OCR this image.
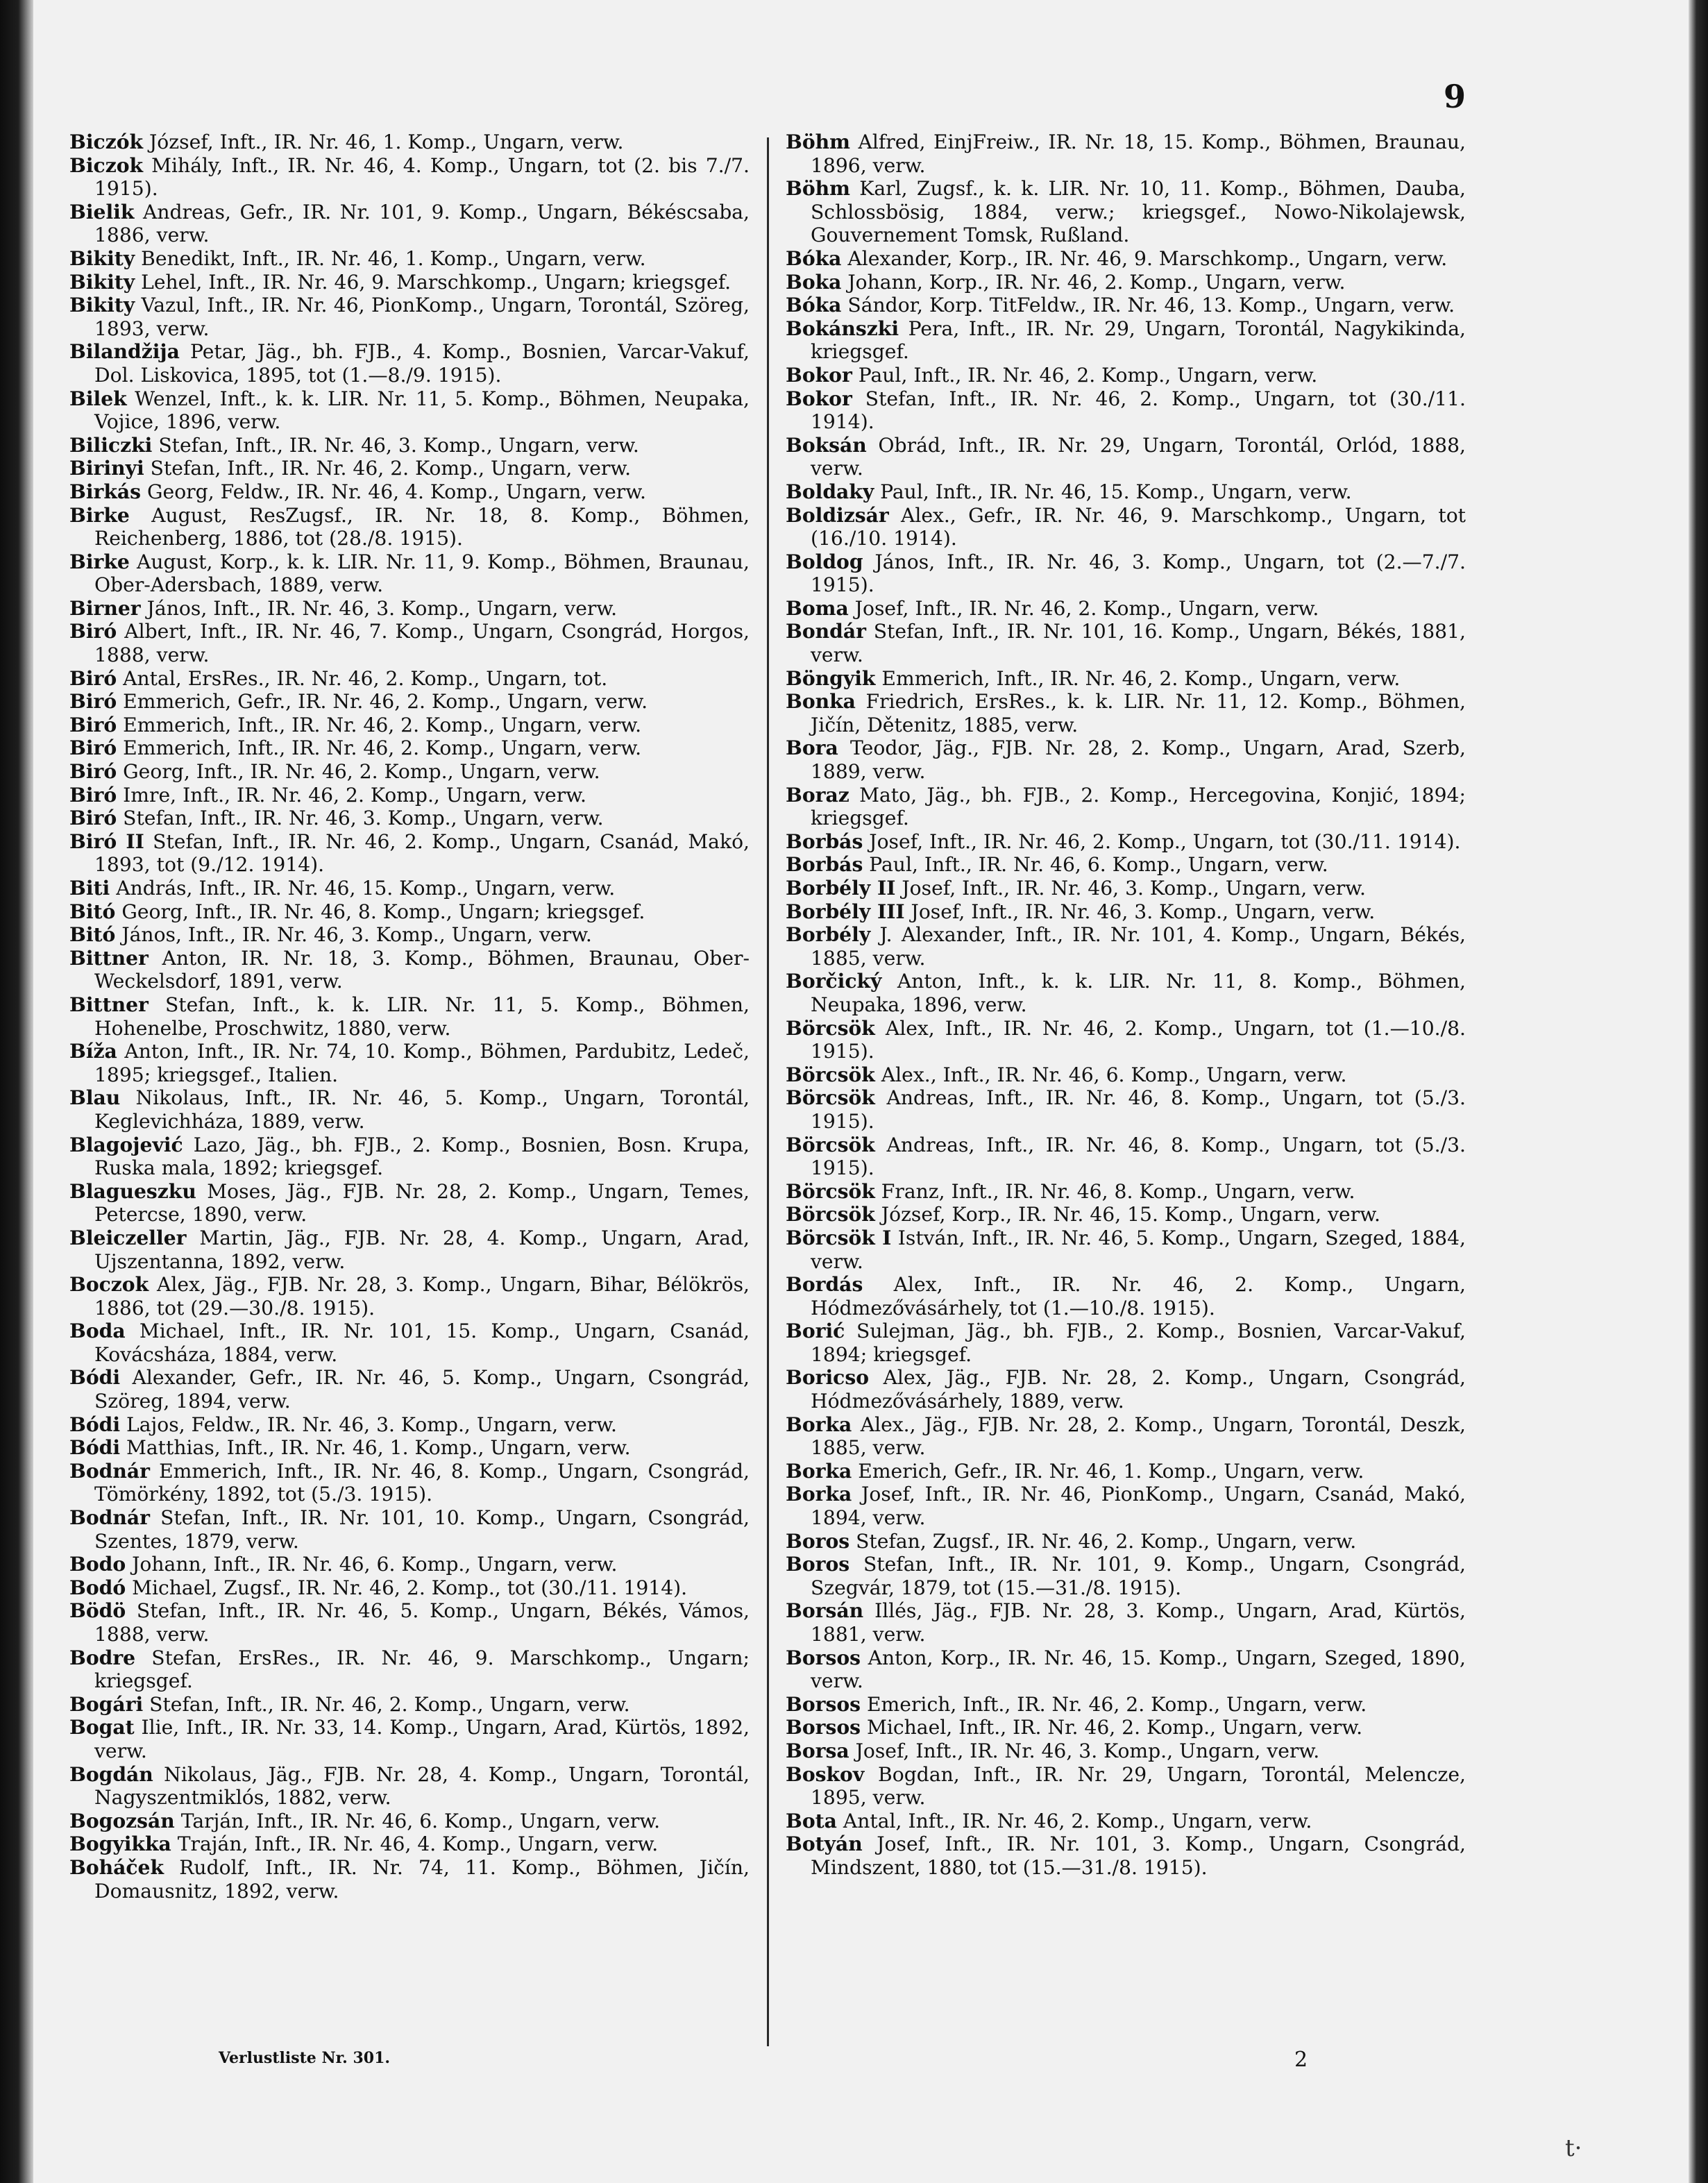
9

Biczók József, Inft., IR. Nr. 46, 1. Komp., Ungarn, verw.

Biczok Mihály, Inft., IR. Nr. 46, 4. Komp., Ungarn, tot (2. bis 7./7. 1915).

Bielik Andreas, Gefr., IR. Nr. 101, 9. Komp., Ungarn, Békéscsaba, 1886, verw.

Bikity Benedikt, Inft., IR. Nr. 46, 1. Komp., Ungarn, verw.

Bikity Lehel, Inft., IR. Nr. 46, 9. Marschkomp., Ungarn; kriegsgef.

Bikity Vazul, Inft., IR. Nr. 46, PionKomp., Ungarn, Torontál, Szöreg, 1893, verw.

Bilandžija Petar, Jäg., bh. FJB., 4. Komp., Bosnien, Varcar-Vakuf, Dol. Liskovica, 1895, tot (1.—8./9. 1915).

Bilek Wenzel, Inft., k. k. LIR. Nr. 11, 5. Komp., Böhmen, Neupaka, Vojice, 1896, verw.

Biliczki Stefan, Inft., IR. Nr. 46, 3. Komp., Ungarn, verw.

Birinyi Stefan, Inft., IR. Nr. 46, 2. Komp., Ungarn, verw.

Birkás Georg, Feldw., IR. Nr. 46, 4. Komp., Ungarn, verw.

Birke August, ResZugsf., IR. Nr. 18, 8. Komp., Böhmen, Reichenberg, 1886, tot (28./8. 1915).

Birke August, Korp., k. k. LIR. Nr. 11, 9. Komp., Böhmen, Braunau, Ober-Adersbach, 1889, verw.

Birner János, Inft., IR. Nr. 46, 3. Komp., Ungarn, verw.

Biró Albert, Inft., IR. Nr. 46, 7. Komp., Ungarn, Csongrád, Horgos, 1888, verw.

Biró Antal, ErsRes., IR. Nr. 46, 2. Komp., Ungarn, tot.

Biró Emmerich, Gefr., IR. Nr. 46, 2. Komp., Ungarn, verw.

Biró Emmerich, Inft., IR. Nr. 46, 2. Komp., Ungarn, verw.

Biró Emmerich, Inft., IR. Nr. 46, 2. Komp., Ungarn, verw.

Biró Georg, Inft., IR. Nr. 46, 2. Komp., Ungarn, verw.

Biró Imre, Inft., IR. Nr. 46, 2. Komp., Ungarn, verw.

Biró Stefan, Inft., IR. Nr. 46, 3. Komp., Ungarn, verw.

Biró II Stefan, Inft., IR. Nr. 46, 2. Komp., Ungarn, Csanád, Makó, 1893, tot (9./12. 1914).

Biti András, Inft., IR. Nr. 46, 15. Komp., Ungarn, verw.

Bitó Georg, Inft., IR. Nr. 46, 8. Komp., Ungarn; kriegsgef.

Bitó János, Inft., IR. Nr. 46, 3. Komp., Ungarn, verw.

Bittner Anton, IR. Nr. 18, 3. Komp., Böhmen, Braunau, Ober-Weckelsdorf, 1891, verw.

Bittner Stefan, Inft., k. k. LIR. Nr. 11, 5. Komp., Böhmen, Hohenelbe, Proschwitz, 1880, verw.

Bíža Anton, Inft., IR. Nr. 74, 10. Komp., Böhmen, Pardubitz, Ledeč, 1895; kriegsgef., Italien.

Blau Nikolaus, Inft., IR. Nr. 46, 5. Komp., Ungarn, Torontál, Keglevichháza, 1889, verw.

Blagojević Lazo, Jäg., bh. FJB., 2. Komp., Bosnien, Bosn. Krupa, Ruska mala, 1892; kriegsgef.

Blagueszku Moses, Jäg., FJB. Nr. 28, 2. Komp., Ungarn, Temes, Petercse, 1890, verw.

Bleiczeller Martin, Jäg., FJB. Nr. 28, 4. Komp., Ungarn, Arad, Ujszentanna, 1892, verw.

Boczok Alex, Jäg., FJB. Nr. 28, 3. Komp., Ungarn, Bihar, Bélökrös, 1886, tot (29.—30./8. 1915).

Boda Michael, Inft., IR. Nr. 101, 15. Komp., Ungarn, Csanád, Kovácsháza, 1884, verw.

Bódi Alexander, Gefr., IR. Nr. 46, 5. Komp., Ungarn, Csongrád, Szöreg, 1894, verw.

Bódi Lajos, Feldw., IR. Nr. 46, 3. Komp., Ungarn, verw.

Bódi Matthias, Inft., IR. Nr. 46, 1. Komp., Ungarn, verw.

Bodnár Emmerich, Inft., IR. Nr. 46, 8. Komp., Ungarn, Csongrád, Tömörkény, 1892, tot (5./3. 1915).

Bodnár Stefan, Inft., IR. Nr. 101, 10. Komp., Ungarn, Csongrád, Szentes, 1879, verw.

Bodo Johann, Inft., IR. Nr. 46, 6. Komp., Ungarn, verw.

Bodó Michael, Zugsf., IR. Nr. 46, 2. Komp., tot (30./11. 1914).

Bödö Stefan, Inft., IR. Nr. 46, 5. Komp., Ungarn, Békés, Vámos, 1888, verw.

Bodre Stefan, ErsRes., IR. Nr. 46, 9. Marschkomp., Ungarn; kriegsgef.

Bogári Stefan, Inft., IR. Nr. 46, 2. Komp., Ungarn, verw.

Bogat Ilie, Inft., IR. Nr. 33, 14. Komp., Ungarn, Arad, Kürtös, 1892, verw.

Bogdán Nikolaus, Jäg., FJB. Nr. 28, 4. Komp., Ungarn, Torontál, Nagyszentmiklós, 1882, verw.

Bogozsán Tarján, Inft., IR. Nr. 46, 6. Komp., Ungarn, verw.

Bogyikka Traján, Inft., IR. Nr. 46, 4. Komp., Ungarn, verw.

Boháček Rudolf, Inft., IR. Nr. 74, 11. Komp., Böhmen, Jičín, Domausnitz, 1892, verw.

Böhm Alfred, EinjFreiw., IR. Nr. 18, 15. Komp., Böhmen, Braunau, 1896, verw.

Böhm Karl, Zugsf., k. k. LIR. Nr. 10, 11. Komp., Böhmen, Dauba, Schlossbösig, 1884, verw.; kriegsgef., Nowo-Nikolajewsk, Gouvernement Tomsk, Rußland.

Bóka Alexander, Korp., IR. Nr. 46, 9. Marschkomp., Ungarn, verw.

Boka Johann, Korp., IR. Nr. 46, 2. Komp., Ungarn, verw.

Bóka Sándor, Korp. TitFeldw., IR. Nr. 46, 13. Komp., Ungarn, verw.

Bokánszki Pera, Inft., IR. Nr. 29, Ungarn, Torontál, Nagykikinda, kriegsgef.

Bokor Paul, Inft., IR. Nr. 46, 2. Komp., Ungarn, verw.

Bokor Stefan, Inft., IR. Nr. 46, 2. Komp., Ungarn, tot (30./11. 1914).

Boksán Obrád, Inft., IR. Nr. 29, Ungarn, Torontál, Orlód, 1888, verw.

Boldaky Paul, Inft., IR. Nr. 46, 15. Komp., Ungarn, verw.

Boldizsár Alex., Gefr., IR. Nr. 46, 9. Marschkomp., Ungarn, tot (16./10. 1914).

Boldog János, Inft., IR. Nr. 46, 3. Komp., Ungarn, tot (2.—7./7. 1915).

Boma Josef, Inft., IR. Nr. 46, 2. Komp., Ungarn, verw.

Bondár Stefan, Inft., IR. Nr. 101, 16. Komp., Ungarn, Békés, 1881, verw.

Böngyik Emmerich, Inft., IR. Nr. 46, 2. Komp., Ungarn, verw.

Bonka Friedrich, ErsRes., k. k. LIR. Nr. 11, 12. Komp., Böhmen, Jičín, Dětenitz, 1885, verw.

Bora Teodor, Jäg., FJB. Nr. 28, 2. Komp., Ungarn, Arad, Szerb, 1889, verw.

Boraz Mato, Jäg., bh. FJB., 2. Komp., Hercegovina, Konjić, 1894; kriegsgef.

Borbás Josef, Inft., IR. Nr. 46, 2. Komp., Ungarn, tot (30./11. 1914).

Borbás Paul, Inft., IR. Nr. 46, 6. Komp., Ungarn, verw.

Borbély II Josef, Inft., IR. Nr. 46, 3. Komp., Ungarn, verw.

Borbély III Josef, Inft., IR. Nr. 46, 3. Komp., Ungarn, verw.

Borbély J. Alexander, Inft., IR. Nr. 101, 4. Komp., Ungarn, Békés, 1885, verw.

Borčický Anton, Inft., k. k. LIR. Nr. 11, 8. Komp., Böhmen, Neupaka, 1896, verw.

Börcsök Alex, Inft., IR. Nr. 46, 2. Komp., Ungarn, tot (1.—10./8. 1915).

Börcsök Alex., Inft., IR. Nr. 46, 6. Komp., Ungarn, verw.

Börcsök Andreas, Inft., IR. Nr. 46, 8. Komp., Ungarn, tot (5./3. 1915).

Börcsök Andreas, Inft., IR. Nr. 46, 8. Komp., Ungarn, tot (5./3. 1915).

Börcsök Franz, Inft., IR. Nr. 46, 8. Komp., Ungarn, verw.

Börcsök József, Korp., IR. Nr. 46, 15. Komp., Ungarn, verw.

Börcsök I István, Inft., IR. Nr. 46, 5. Komp., Ungarn, Szeged, 1884, verw.

Bordás Alex, Inft., IR. Nr. 46, 2. Komp., Ungarn, Hódmezővásárhely, tot (1.—10./8. 1915).

Borić Sulejman, Jäg., bh. FJB., 2. Komp., Bosnien, Varcar-Vakuf, 1894; kriegsgef.

Boricso Alex, Jäg., FJB. Nr. 28, 2. Komp., Ungarn, Csongrád, Hódmezővásárhely, 1889, verw.

Borka Alex., Jäg., FJB. Nr. 28, 2. Komp., Ungarn, Torontál, Deszk, 1885, verw.

Borka Emerich, Gefr., IR. Nr. 46, 1. Komp., Ungarn, verw.

Borka Josef, Inft., IR. Nr. 46, PionKomp., Ungarn, Csanád, Makó, 1894, verw.

Boros Stefan, Zugsf., IR. Nr. 46, 2. Komp., Ungarn, verw.

Boros Stefan, Inft., IR. Nr. 101, 9. Komp., Ungarn, Csongrád, Szegvár, 1879, tot (15.—31./8. 1915).

Borsán Illés, Jäg., FJB. Nr. 28, 3. Komp., Ungarn, Arad, Kürtös, 1881, verw.

Borsos Anton, Korp., IR. Nr. 46, 15. Komp., Ungarn, Szeged, 1890, verw.

Borsos Emerich, Inft., IR. Nr. 46, 2. Komp., Ungarn, verw.

Borsos Michael, Inft., IR. Nr. 46, 2. Komp., Ungarn, verw.

Borsa Josef, Inft., IR. Nr. 46, 3. Komp., Ungarn, verw.

Boskov Bogdan, Inft., IR. Nr. 29, Ungarn, Torontál, Melencze, 1895, verw.

Bota Antal, Inft., IR. Nr. 46, 2. Komp., Ungarn, verw.

Botyán Josef, Inft., IR. Nr. 101, 3. Komp., Ungarn, Csongrád, Mindszent, 1880, tot (15.—31./8. 1915).

Verlustliste Nr. 301.	2
t·
